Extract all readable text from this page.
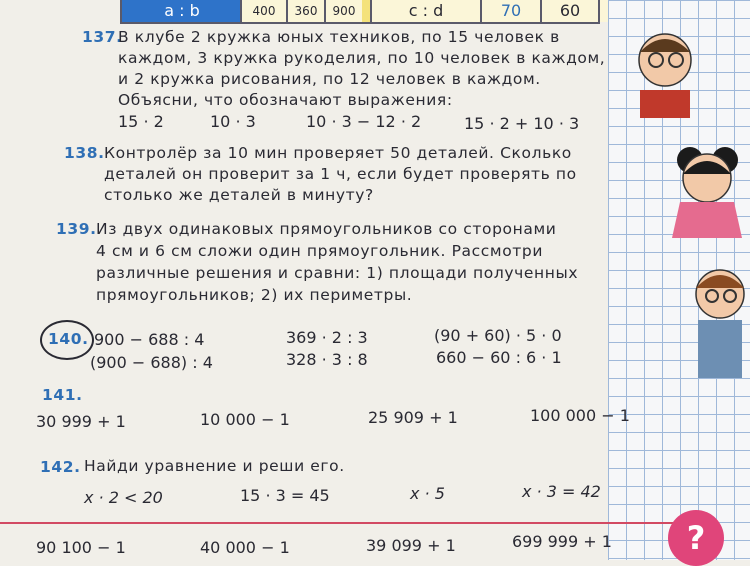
a : b	400	360	900	c : d	70	60
137.
В клубе 2 кружка юных техников, по 15 человек в
каждом, 3 кружка рукоделия, по 10 человек в каждом,
и 2 кружка рисования, по 12 человек в каждом.
Объясни, что обозначают выражения:
15 · 2	10 · 3	10 · 3 − 12 · 2	15 · 2 + 10 · 3
138. Контролёр за 10 мин проверяет 50 деталей. Сколько
деталей он проверит за 1 ч, если будет проверять по
столько же деталей в минуту?
139. Из двух одинаковых прямоугольников со сторонами
4 см и 6 см сложи один прямоугольник. Рассмотри
различные решения и сравни: 1) площади полученных
прямоугольников; 2) их периметры.
140. 900 − 688 : 4	369 · 2 : 3	(90 + 60) · 5 · 0
(900 − 688) : 4	328 · 3 : 8	660 − 60 : 6 · 1
141.
30 999 + 1	10 000 − 1	25 909 + 1	100 000 − 1
142. Найди уравнение и реши его.
x · 2 < 20	15 · 3 = 45	x · 5	x · 3 = 42
90 100 − 1	40 000 − 1	39 099 + 1	699 999 + 1	?
